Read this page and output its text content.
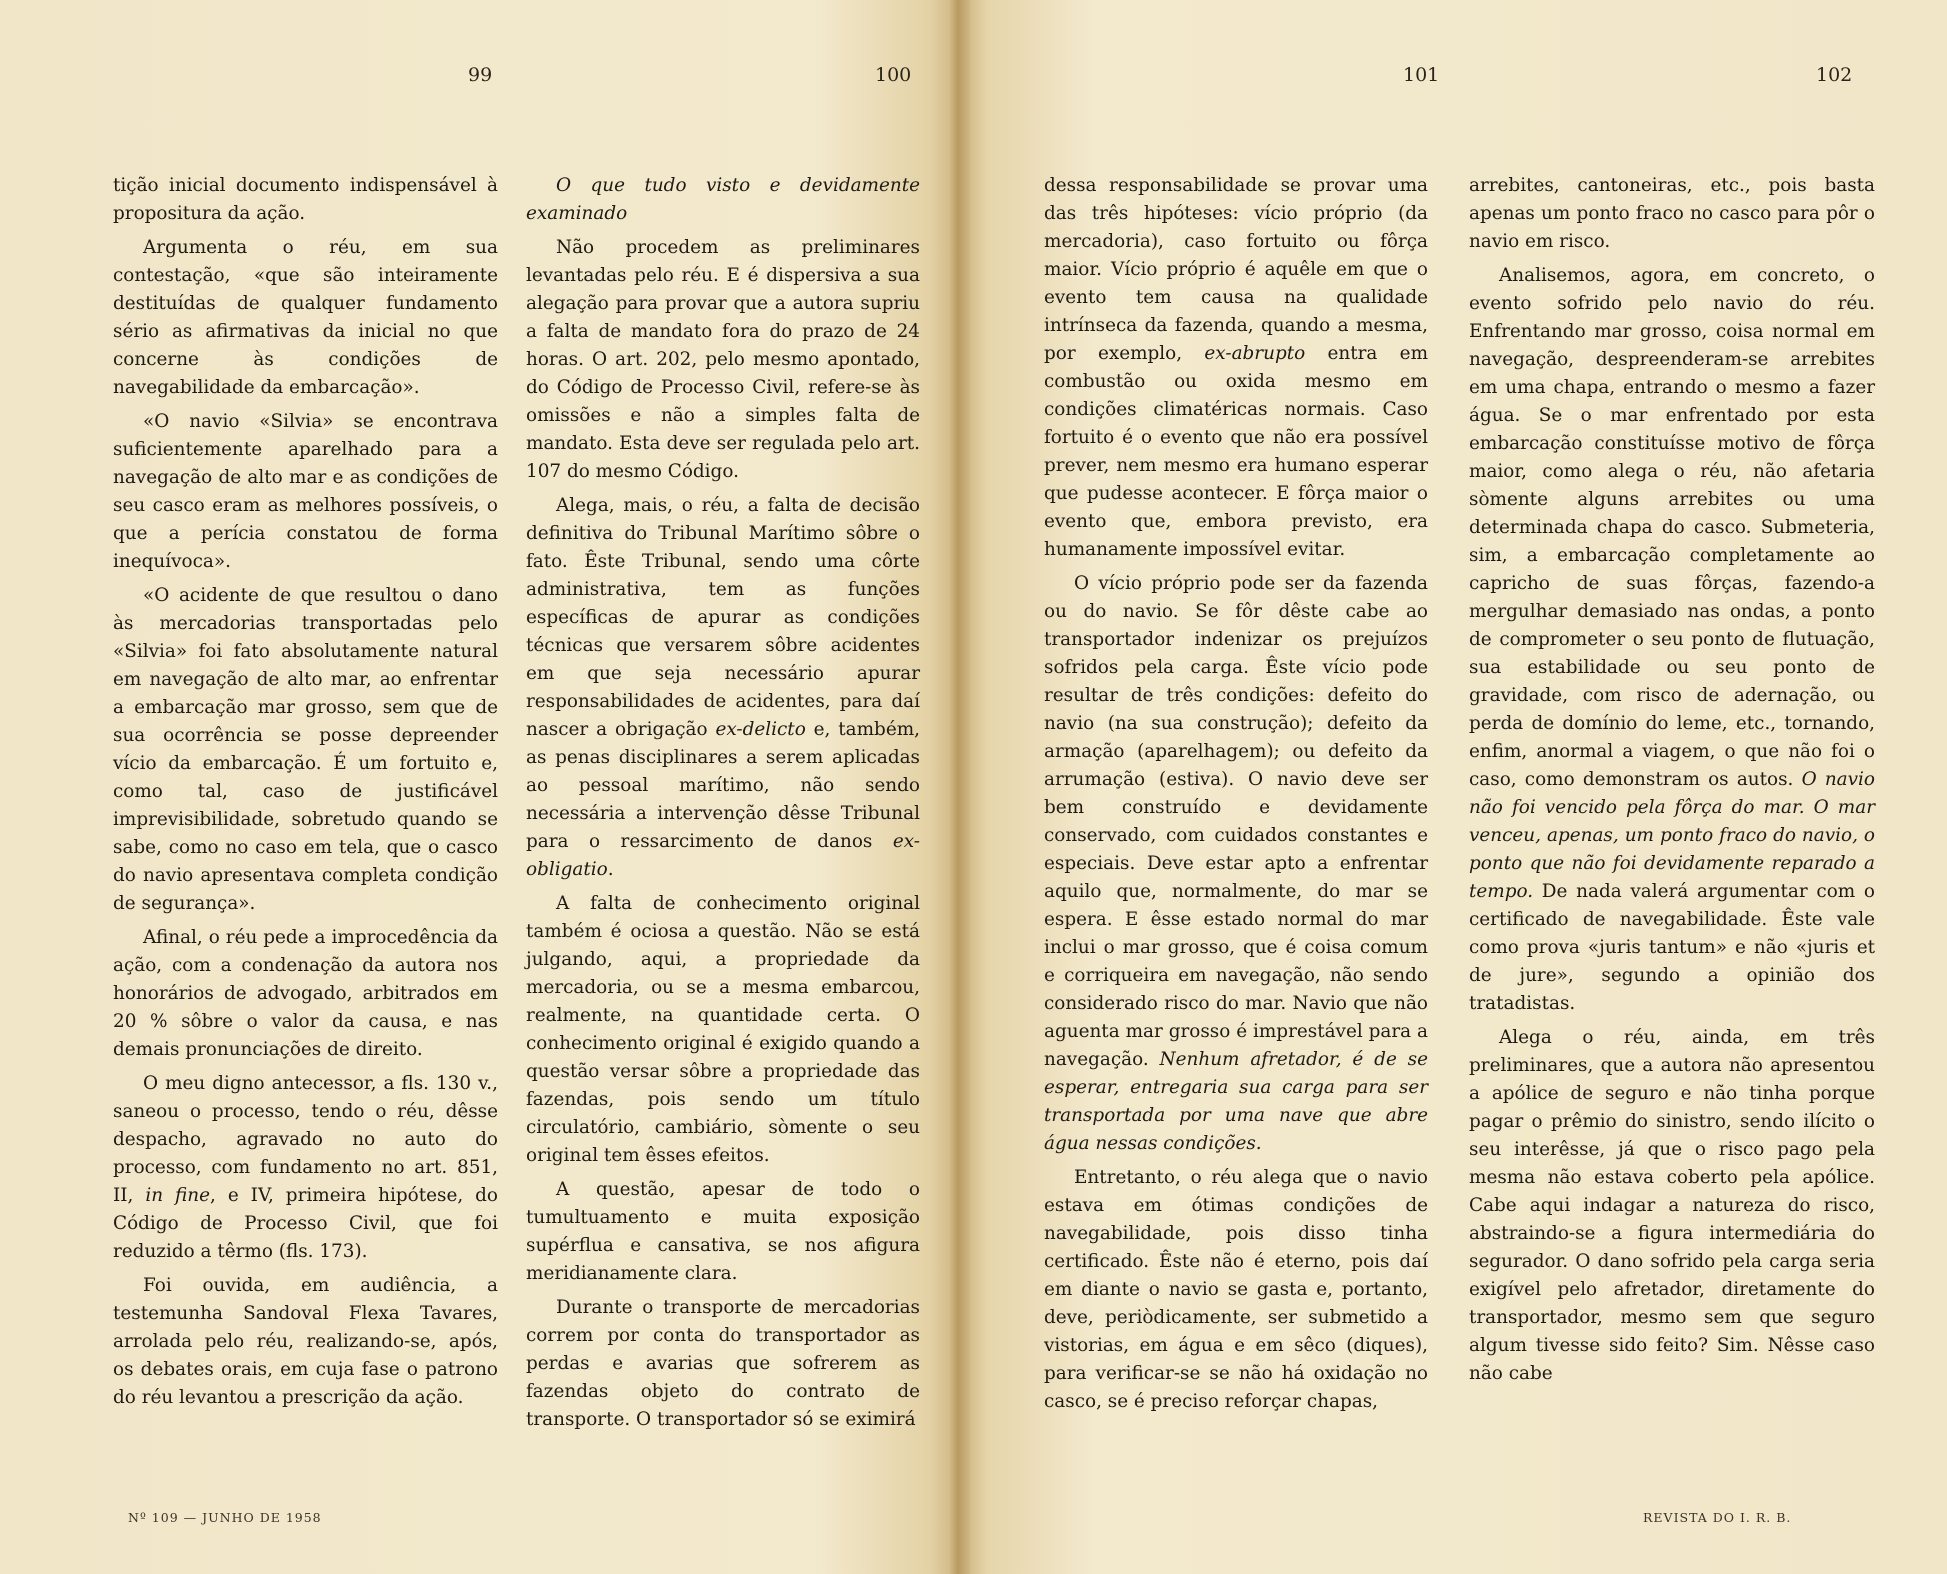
99	100

tição inicial documento indispensável à propositura da ação.

Argumenta o réu, em sua contestação, «que são inteiramente destituídas de qualquer fundamento sério as afirmativas da inicial no que concerne às condições de navegabilidade da embarcação».

«O navio «Silvia» se encontrava suficientemente aparelhado para a navegação de alto mar e as condições de seu casco eram as melhores possíveis, o que a perícia constatou de forma inequívoca».

«O acidente de que resultou o dano às mercadorias transportadas pelo «Silvia» foi fato absolutamente natural em navegação de alto mar, ao enfrentar a embarcação mar grosso, sem que de sua ocorrência se posse depreender vício da embarcação. É um fortuito e, como tal, caso de justificável imprevisibilidade, sobretudo quando se sabe, como no caso em tela, que o casco do navio apresentava completa condição de segurança».

Afinal, o réu pede a improcedência da ação, com a condenação da autora nos honorários de advogado, arbitrados em 20 % sôbre o valor da causa, e nas demais pronunciações de direito.

O meu digno antecessor, a fls. 130 v., saneou o processo, tendo o réu, dêsse despacho, agravado no auto do processo, com fundamento no art. 851, II, in fine, e IV, primeira hipótese, do Código de Processo Civil, que foi reduzido a têrmo (fls. 173).

Foi ouvida, em audiência, a testemunha Sandoval Flexa Tavares, arrolada pelo réu, realizando-se, após, os debates orais, em cuja fase o patrono do réu levantou a prescrição da ação.

O que tudo visto e devidamente examinado

Não procedem as preliminares levantadas pelo réu. E é dispersiva a sua alegação para provar que a autora supriu a falta de mandato fora do prazo de 24 horas. O art. 202, pelo mesmo apontado, do Código de Processo Civil, refere-se às omissões e não a simples falta de mandato. Esta deve ser regulada pelo art. 107 do mesmo Código.

Alega, mais, o réu, a falta de decisão definitiva do Tribunal Marítimo sôbre o fato. Êste Tribunal, sendo uma côrte administrativa, tem as funções específicas de apurar as condições técnicas que versarem sôbre acidentes em que seja necessário apurar responsabilidades de acidentes, para daí nascer a obrigação ex-delicto e, também, as penas disciplinares a serem aplicadas ao pessoal marítimo, não sendo necessária a intervenção dêsse Tribunal para o ressarcimento de danos ex-obligatio.

A falta de conhecimento original também é ociosa a questão. Não se está julgando, aqui, a propriedade da mercadoria, ou se a mesma embarcou, realmente, na quantidade certa. O conhecimento original é exigido quando a questão versar sôbre a propriedade das fazendas, pois sendo um título circulatório, cambiário, sòmente o seu original tem êsses efeitos.

A questão, apesar de todo o tumultuamento e muita exposição supérflua e cansativa, se nos afigura meridianamente clara.

Durante o transporte de mercadorias correm por conta do transportador as perdas e avarias que sofrerem as fazendas objeto do contrato de transporte. O transportador só se eximirá

Nº 109 — JUNHO DE 1958
101	102

dessa responsabilidade se provar uma das três hipóteses: vício próprio (da mercadoria), caso fortuito ou fôrça maior. Vício próprio é aquêle em que o evento tem causa na qualidade intrínseca da fazenda, quando a mesma, por exemplo, ex-abrupto entra em combustão ou oxida mesmo em condições climatéricas normais. Caso fortuito é o evento que não era possível prever, nem mesmo era humano esperar que pudesse acontecer. E fôrça maior o evento que, embora previsto, era humanamente impossível evitar.

O vício próprio pode ser da fazenda ou do navio. Se fôr dêste cabe ao transportador indenizar os prejuízos sofridos pela carga. Êste vício pode resultar de três condições: defeito do navio (na sua construção); defeito da armação (aparelhagem); ou defeito da arrumação (estiva). O navio deve ser bem construído e devidamente conservado, com cuidados constantes e especiais. Deve estar apto a enfrentar aquilo que, normalmente, do mar se espera. E êsse estado normal do mar inclui o mar grosso, que é coisa comum e corriqueira em navegação, não sendo considerado risco do mar. Navio que não aguenta mar grosso é imprestável para a navegação. Nenhum afretador, é de se esperar, entregaria sua carga para ser transportada por uma nave que abre água nessas condições.

Entretanto, o réu alega que o navio estava em ótimas condições de navegabilidade, pois disso tinha certificado. Êste não é eterno, pois daí em diante o navio se gasta e, portanto, deve, periòdicamente, ser submetido a vistorias, em água e em sêco (diques), para verificar-se se não há oxidação no casco, se é preciso reforçar chapas,

arrebites, cantoneiras, etc., pois basta apenas um ponto fraco no casco para pôr o navio em risco.

Analisemos, agora, em concreto, o evento sofrido pelo navio do réu. Enfrentando mar grosso, coisa normal em navegação, despreenderam-se arrebites em uma chapa, entrando o mesmo a fazer água. Se o mar enfrentado por esta embarcação constituísse motivo de fôrça maior, como alega o réu, não afetaria sòmente alguns arrebites ou uma determinada chapa do casco. Submeteria, sim, a embarcação completamente ao capricho de suas fôrças, fazendo-a mergulhar demasiado nas ondas, a ponto de comprometer o seu ponto de flutuação, sua estabilidade ou seu ponto de gravidade, com risco de adernação, ou perda de domínio do leme, etc., tornando, enfim, anormal a viagem, o que não foi o caso, como demonstram os autos. O navio não foi vencido pela fôrça do mar. O mar venceu, apenas, um ponto fraco do navio, o ponto que não foi devidamente reparado a tempo. De nada valerá argumentar com o certificado de navegabilidade. Êste vale como prova «juris tantum» e não «juris et de jure», segundo a opinião dos tratadistas.

Alega o réu, ainda, em três preliminares, que a autora não apresentou a apólice de seguro e não tinha porque pagar o prêmio do sinistro, sendo ilícito o seu interêsse, já que o risco pago pela mesma não estava coberto pela apólice. Cabe aqui indagar a natureza do risco, abstraindo-se a figura intermediária do segurador. O dano sofrido pela carga seria exigível pelo afretador, diretamente do transportador, mesmo sem que seguro algum tivesse sido feito? Sim. Nêsse caso não cabe

REVISTA DO I. R. B.
